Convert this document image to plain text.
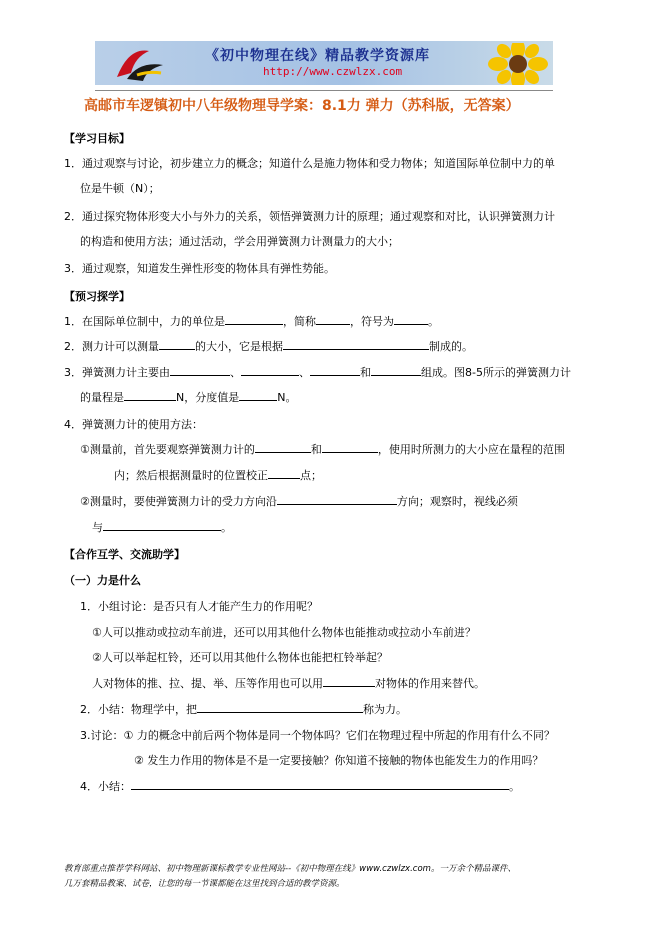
《初中物理在线》精品教学资源库
http://www.czwlzx.com
高邮市车逻镇初中八年级物理导学案：8.1力 弹力（苏科版，无答案）
【学习目标】
1．通过观察与讨论，初步建立力的概念；知道什么是施力物体和受力物体；知道国际单位制中力的单
位是牛顿（N）；
2．通过探究物体形变大小与外力的关系，领悟弹簧测力计的原理；通过观察和对比，认识弹簧测力计
的构造和使用方法；通过活动，学会用弹簧测力计测量力的大小；
3．通过观察，知道发生弹性形变的物体具有弹性势能。
【预习探学】
1．在国际单位制中，力的单位是	，简称	，符号为	。
2．测力计可以测量	的大小，它是根据	制成的。
3．弹簧测力计主要由	、	、	和	组成。图8-5所示的弹簧测力计
的量程是	N，分度值是	N。
4．弹簧测力计的使用方法：
①测量前，首先要观察弹簧测力计的	和	，使用时所测力的大小应在量程的范围
内；然后根据测量时的位置校正	点；
②测量时，要使弹簧测力计的受力方向沿	方向；观察时，视线必须
与	。
【合作互学、交流助学】
（一）力是什么
1．小组讨论：是否只有人才能产生力的作用呢？
①人可以推动或拉动车前进，还可以用其他什么物体也能推动或拉动小车前进？
②人可以举起杠铃，还可以用其他什么物体也能把杠铃举起？
人对物体的推、拉、提、举、压等作用也可以用	对物体的作用来替代。
2．小结：物理学中，把	称为力。
3.讨论：① 力的概念中前后两个物体是同一个物体吗？它们在物理过程中所起的作用有什么不同？
② 发生力作用的物体是不是一定要接触？你知道不接触的物体也能发生力的作用吗？
4．小结：	。
教育部重点推荐学科网站、初中物理新课标教学专业性网站--《初中物理在线》www.czwlzx.com。一万余个精品课件、
几万套精品教案、试卷，让您的每一节课都能在这里找到合适的教学资源。
